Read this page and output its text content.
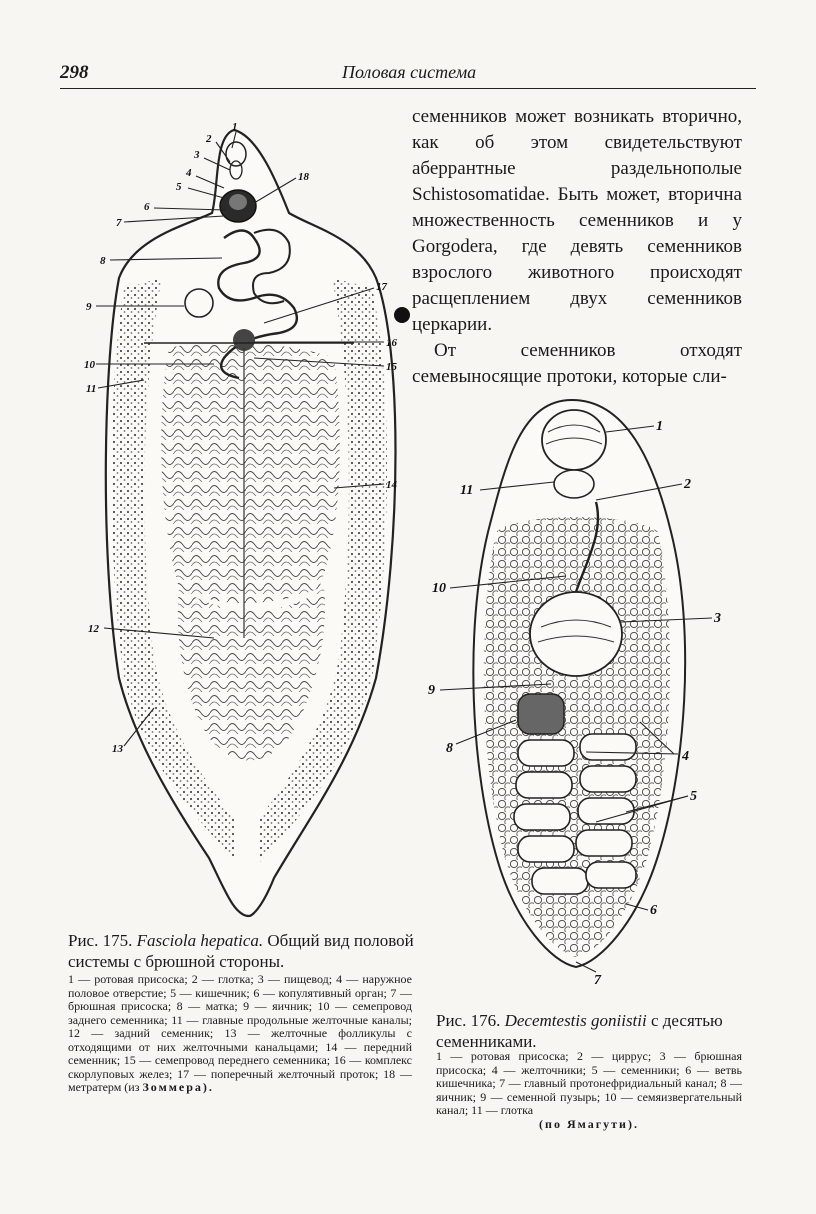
298	Половая система

семенников может возникать вторично, как об этом свидетельствуют аберрантные раздельнополые Schistosomatidae. Быть может, вторична множественность семенников и у Gorgodera, где девять семенников взрослого животного происходят расщеплением двух семенников церкарии.

От семенников отходят семевыносящие протоки, которые сли-

1
2
3
4
5
6
7
8
9
10
11
12
13
14
15
16
17
18
1
2
3
4
5
6
7
8
9
10
11
Рис. 175. Fasciola hepatica. Общий вид половой системы с брюшной стороны.
1 — ротовая присоска; 2 — глотка; 3 — пищевод; 4 — наружное половое отверстие; 5 — кишечник; 6 — копулятивный орган; 7 — брюшная присоска; 8 — матка; 9 — яичник; 10 — семепровод заднего семенника; 11 — главные продольные желточные каналы; 12 — задний семенник; 13 — желточные фолликулы с отходящими от них желточными канальцами; 14 — передний семенник; 15 — семепровод переднего семенника; 16 — комплекс скорлуповых желез; 17 — поперечный желточный проток; 18 — метратерм (из Зоммера).
Рис. 176. Decemtestis goniistii с десятью семенниками.
1 — ротовая присоска; 2 — циррус; 3 — брюшная присоска; 4 — желточники; 5 — семенники; 6 — ветвь кишечника; 7 — главный протонефридиальный канал; 8 — яичник; 9 — семенной пузырь; 10 — семяизвергательный канал; 11 — глотка
(по Ямагути).
